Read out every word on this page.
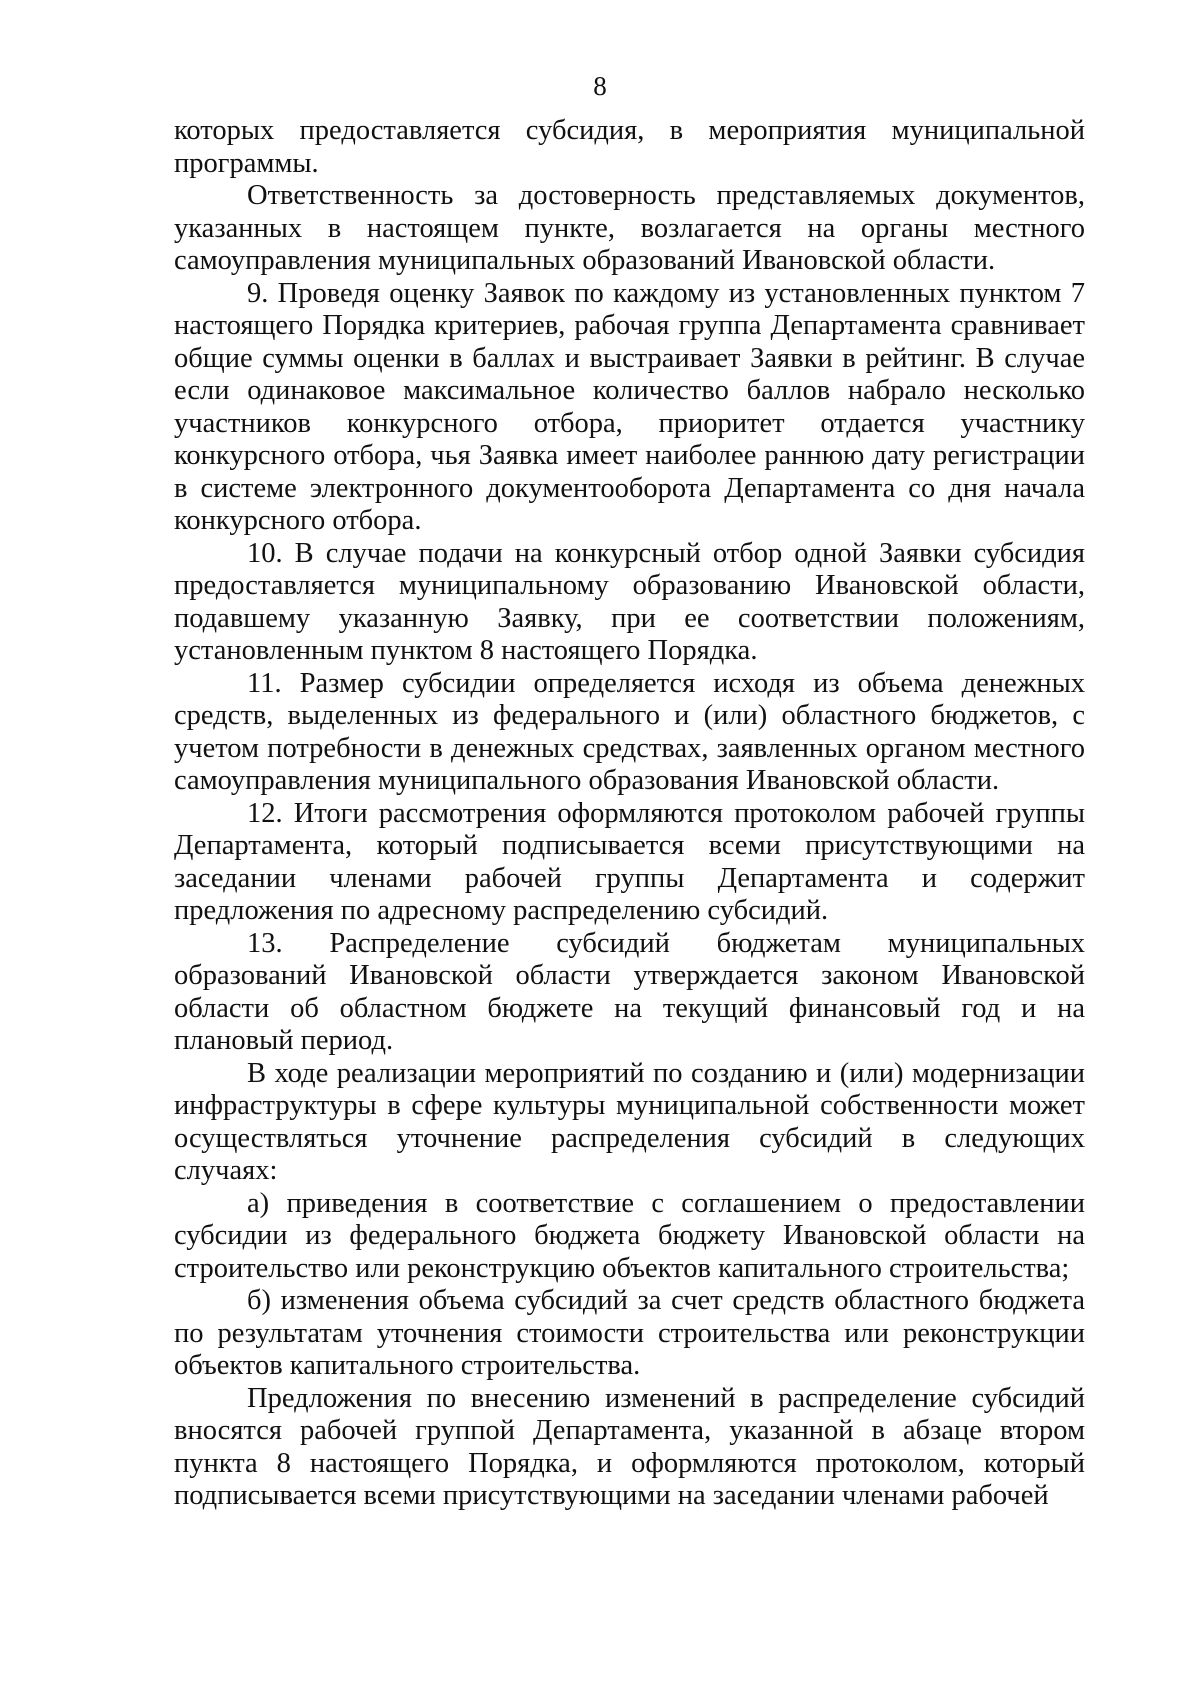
8

которых предоставляется субсидия, в мероприятия муниципальной программы.

Ответственность за достоверность представляемых документов, указанных в настоящем пункте, возлагается на органы местного самоуправления муниципальных образований Ивановской области.

9. Проведя оценку Заявок по каждому из установленных пунктом 7 настоящего Порядка критериев, рабочая группа Департамента сравнивает общие суммы оценки в баллах и выстраивает Заявки в рейтинг. В случае если одинаковое максимальное количество баллов набрало несколько участников конкурсного отбора, приоритет отдается участнику конкурсного отбора, чья Заявка имеет наиболее раннюю дату регистрации в системе электронного документооборота Департамента со дня начала конкурсного отбора.

10. В случае подачи на конкурсный отбор одной Заявки субсидия предоставляется муниципальному образованию Ивановской области, подавшему указанную Заявку, при ее соответствии положениям, установленным пунктом 8 настоящего Порядка.

11. Размер субсидии определяется исходя из объема денежных средств, выделенных из федерального и (или) областного бюджетов, с учетом потребности в денежных средствах, заявленных органом местного самоуправления муниципального образования Ивановской области.

12. Итоги рассмотрения оформляются протоколом рабочей группы Департамента, который подписывается всеми присутствующими на заседании членами рабочей группы Департамента и содержит предложения по адресному распределению субсидий.

13. Распределение субсидий бюджетам муниципальных образований Ивановской области утверждается законом Ивановской области об областном бюджете на текущий финансовый год и на плановый период.

В ходе реализации мероприятий по созданию и (или) модернизации инфраструктуры в сфере культуры муниципальной собственности может осуществляться уточнение распределения субсидий в следующих случаях:

а) приведения в соответствие с соглашением о предоставлении субсидии из федерального бюджета бюджету Ивановской области на строительство или реконструкцию объектов капитального строительства;

б) изменения объема субсидий за счет средств областного бюджета по результатам уточнения стоимости строительства или реконструкции объектов капитального строительства.

Предложения по внесению изменений в распределение субсидий вносятся рабочей группой Департамента, указанной в абзаце втором пункта 8 настоящего Порядка, и оформляются протоколом, который подписывается всеми присутствующими на заседании членами рабочей
